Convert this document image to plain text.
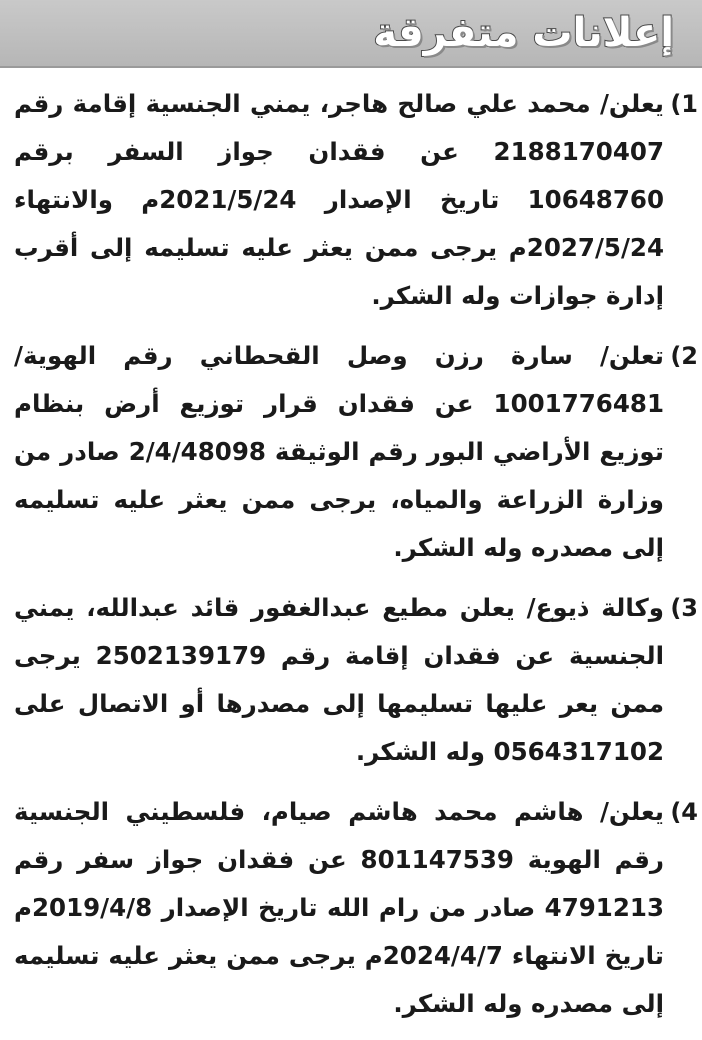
إعلانات متفرقة
1)
يعلن/ محمد علي صالح هاجر، يمني الجنسية إقامة رقم 2188170407 عن فقدان جواز السفر برقم 10648760 تاريخ الإصدار 2021/5/24م والانتهاء 2027/5/24م يرجى ممن يعثر عليه تسليمه إلى أقرب إدارة جوازات وله الشكر.
2)
تعلن/ سارة رزن وصل القحطاني رقم الهوية/ 1001776481 عن فقدان قرار توزيع أرض بنظام توزيع الأراضي البور رقم الوثيقة 2/4/48098 صادر من وزارة الزراعة والمياه، يرجى ممن يعثر عليه تسليمه إلى مصدره وله الشكر.
3)
وكالة ذيوع/ يعلن مطيع عبدالغفور قائد عبدالله، يمني الجنسية عن فقدان إقامة رقم 2502139179 يرجى ممن يعر عليها تسليمها إلى مصدرها أو الاتصال على 0564317102 وله الشكر.
4)
يعلن/ هاشم محمد هاشم صيام، فلسطيني الجنسية رقم الهوية 801147539 عن فقدان جواز سفر رقم 4791213 صادر من رام الله تاريخ الإصدار 2019/4/8م تاريخ الانتهاء 2024/4/7م يرجى ممن يعثر عليه تسليمه إلى مصدره وله الشكر.
